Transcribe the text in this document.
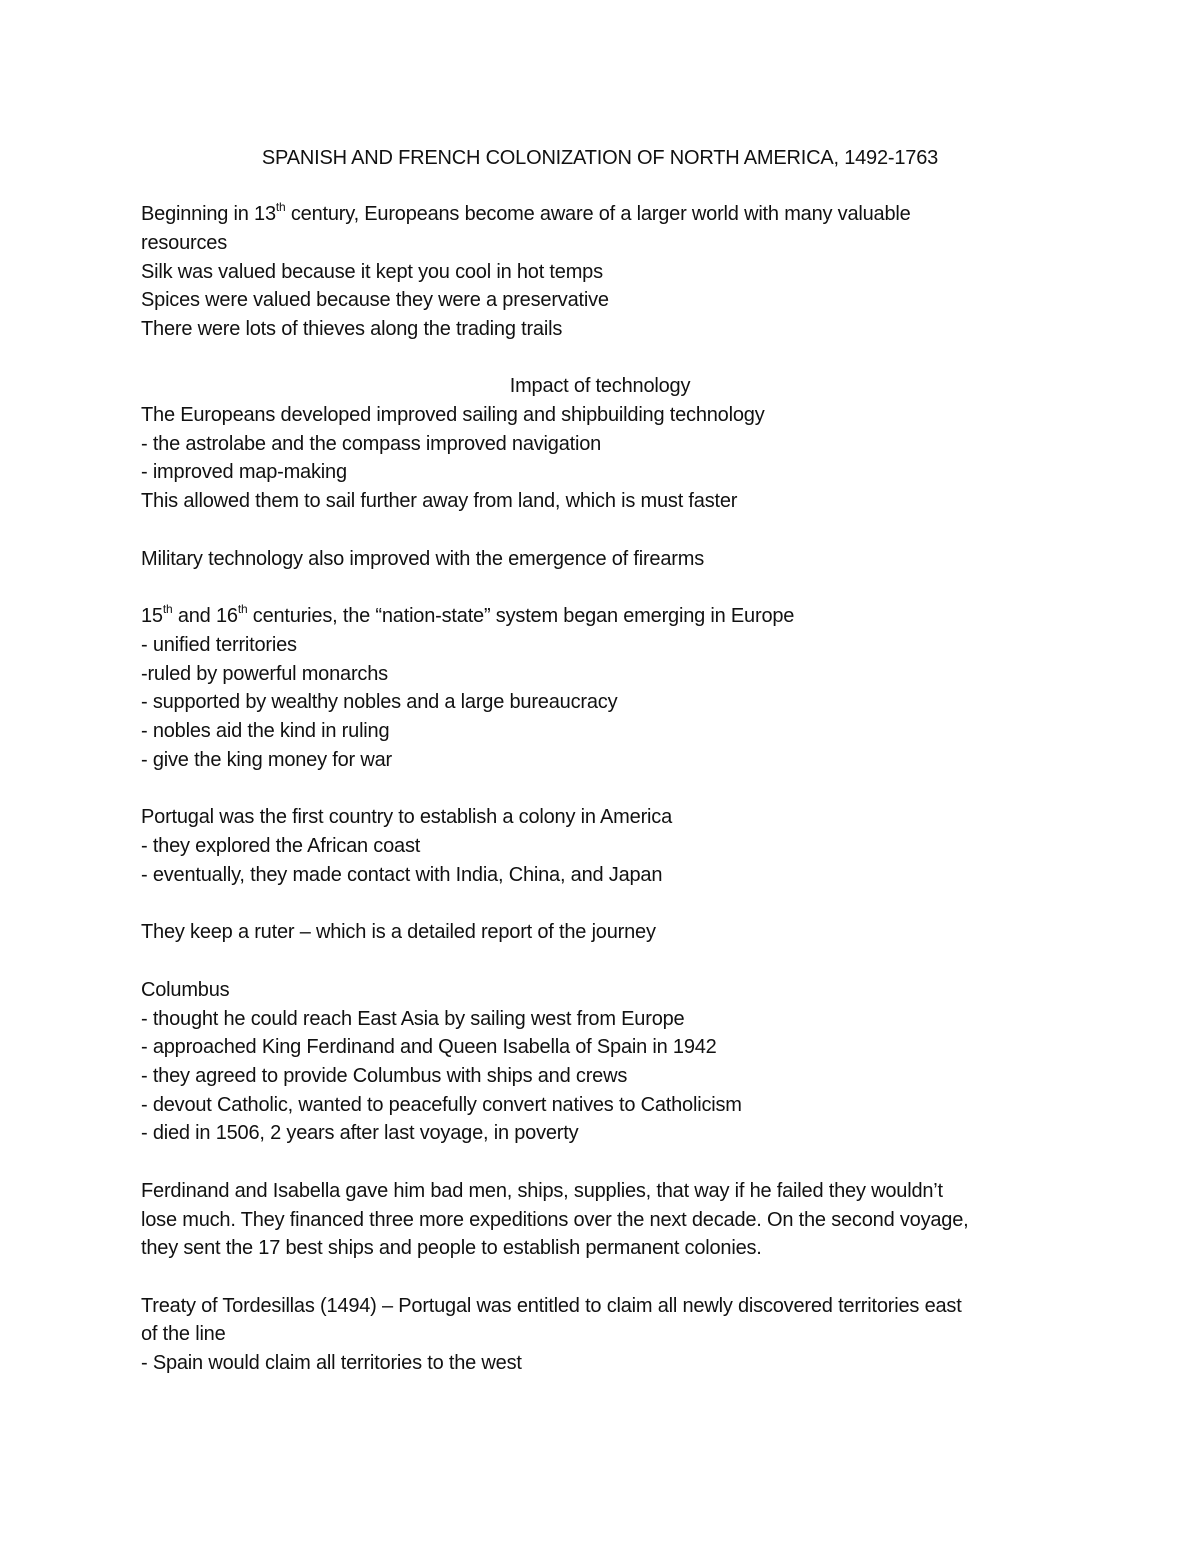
SPANISH AND FRENCH COLONIZATION OF NORTH AMERICA, 1492-1763
Beginning in 13th century, Europeans become aware of a larger world with many valuable
resources
Silk was valued because it kept you cool in hot temps
Spices were valued because they were a preservative
There were lots of thieves along the trading trails
Impact of technology
The Europeans developed improved sailing and shipbuilding technology
- the astrolabe and the compass improved navigation
- improved map-making
This allowed them to sail further away from land, which is must faster
Military technology also improved with the emergence of firearms
15th and 16th centuries, the “nation-state” system began emerging in Europe
- unified territories
-ruled by powerful monarchs
- supported by wealthy nobles and a large bureaucracy
- nobles aid the kind in ruling
- give the king money for war
Portugal was the first country to establish a colony in America
- they explored the African coast
- eventually, they made contact with India, China, and Japan
They keep a ruter – which is a detailed report of the journey
Columbus
- thought he could reach East Asia by sailing west from Europe
- approached King Ferdinand and Queen Isabella of Spain in 1942
- they agreed to provide Columbus with ships and crews
- devout Catholic, wanted to peacefully convert natives to Catholicism
- died in 1506, 2 years after last voyage, in poverty
Ferdinand and Isabella gave him bad men, ships, supplies, that way if he failed they wouldn’t
lose much. They financed three more expeditions over the next decade. On the second voyage,
they sent the 17 best ships and people to establish permanent colonies.
Treaty of Tordesillas (1494) – Portugal was entitled to claim all newly discovered territories east
of the line
- Spain would claim all territories to the west
